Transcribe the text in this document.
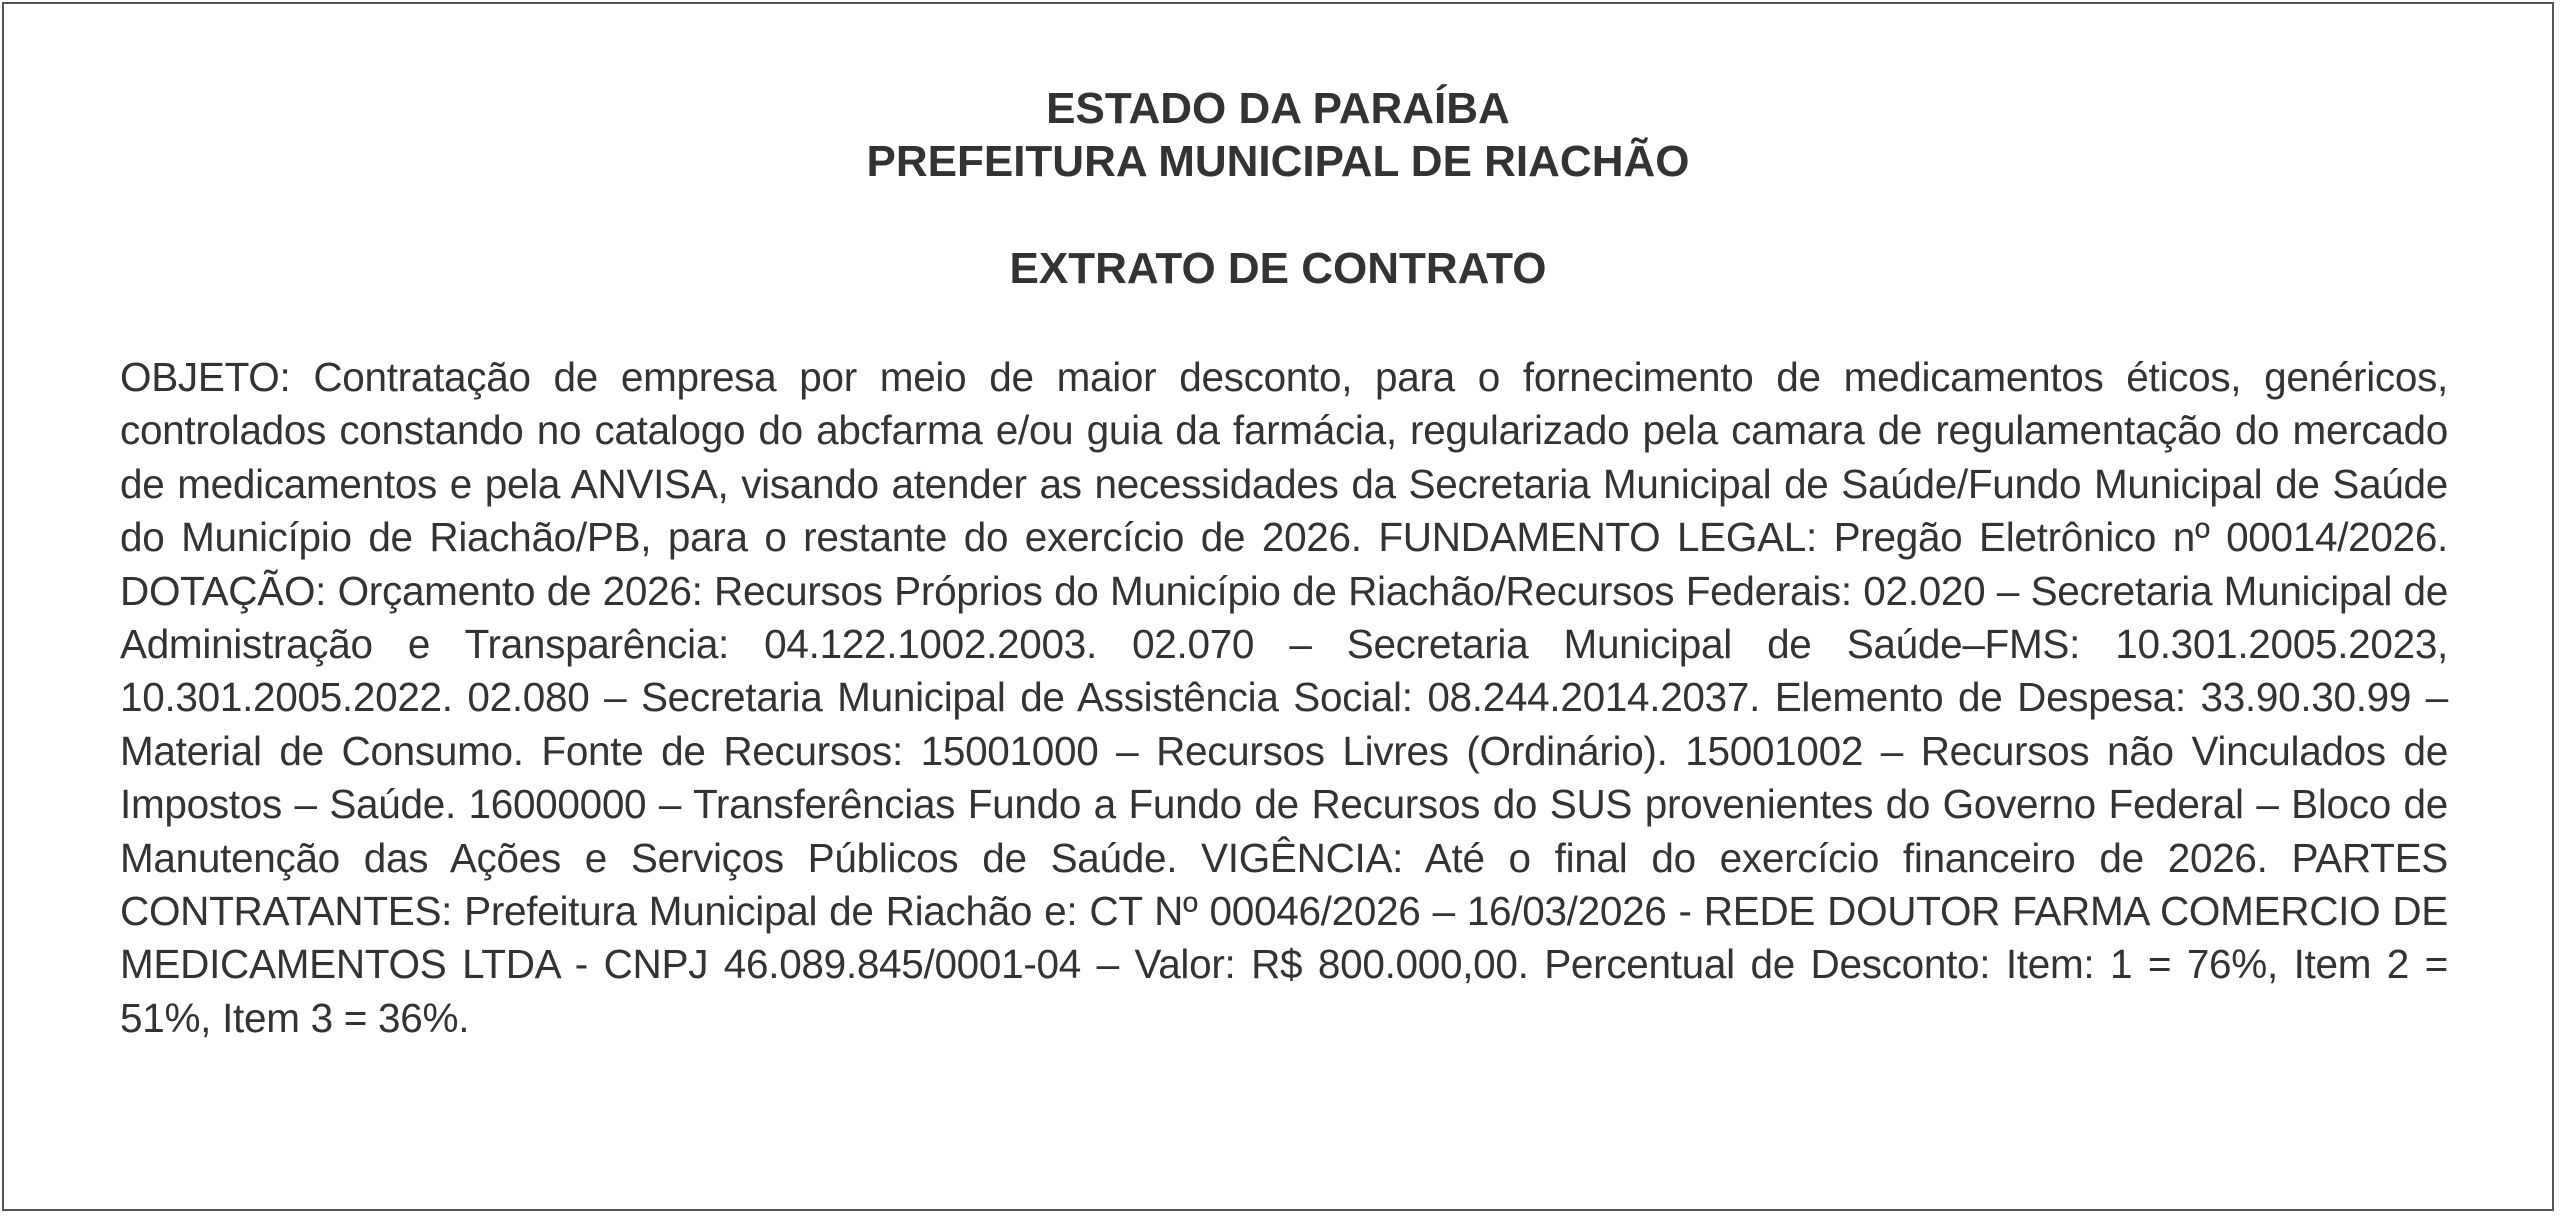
ESTADO DA PARAÍBA
PREFEITURA MUNICIPAL DE RIACHÃO
EXTRATO DE CONTRATO
OBJETO: Contratação de empresa por meio de maior desconto, para o fornecimento de medicamentos éticos, genéricos, controlados constando no catalogo do abcfarma e/ou guia da farmácia, regularizado pela camara de regulamentação do mercado de medicamentos e pela ANVISA, visando atender as necessidades da Secretaria Municipal de Saúde/Fundo Municipal de Saúde do Município de Riachão/PB, para o restante do exercício de 2026. FUNDAMENTO LEGAL: Pregão Eletrônico nº 00014/2026. DOTAÇÃO: Orçamento de 2026: Recursos Próprios do Município de Riachão/Recursos Federais: 02.020 – Secretaria Municipal de Administração e Transparência: 04.122.1002.2003. 02.070 – Secretaria Municipal de Saúde–FMS: 10.301.2005.2023, 10.301.2005.2022. 02.080 – Secretaria Municipal de Assistência Social: 08.244.2014.2037. Elemento de Despesa: 33.90.30.99 – Material de Consumo. Fonte de Recursos: 15001000 – Recursos Livres (Ordinário). 15001002 – Recursos não Vinculados de Impostos – Saúde. 16000000 – Transferências Fundo a Fundo de Recursos do SUS provenientes do Governo Federal – Bloco de Manutenção das Ações e Serviços Públicos de Saúde. VIGÊNCIA: Até o final do exercício financeiro de 2026. PARTES CONTRATANTES: Prefeitura Municipal de Riachão e: CT Nº 00046/2026 – 16/03/2026 - REDE DOUTOR FARMA COMERCIO DE MEDICAMENTOS LTDA - CNPJ 46.089.845/0001-04 – Valor: R$ 800.000,00. Percentual de Desconto: Item: 1 = 76%, Item 2 = 51%, Item 3 = 36%.
